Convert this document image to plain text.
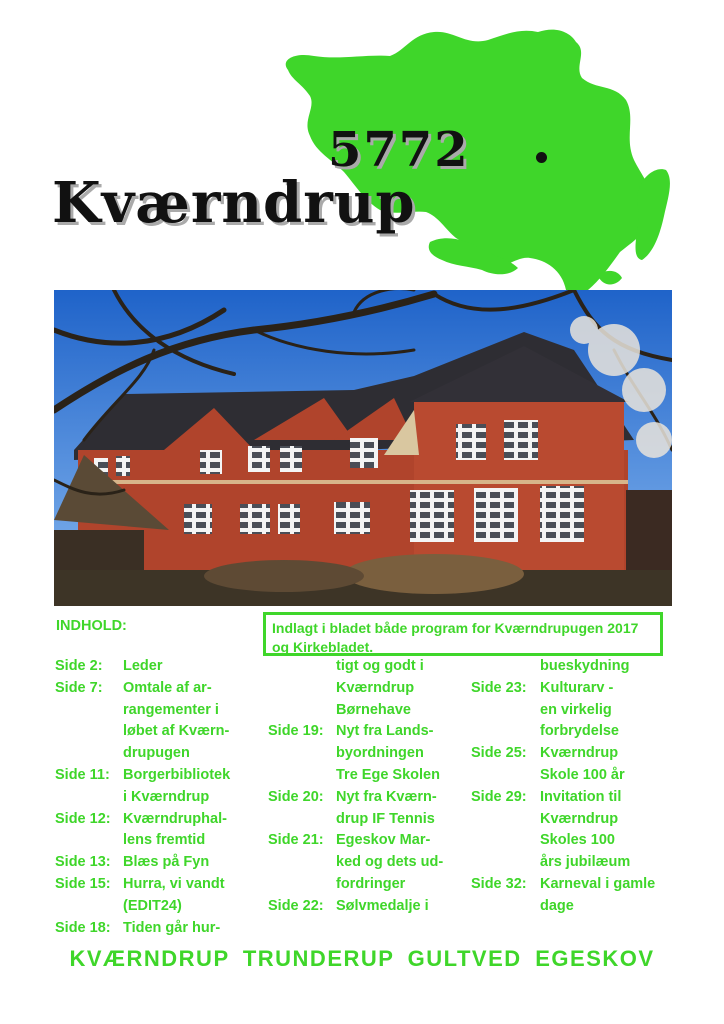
5772
Kværndrup
INDHOLD:	Indlagt i bladet både program for Kværndrupugen 2017 og Kirkebladet.
Side 2: Leder
Side 7: Omtale af ar-
rangementer i
løbet af Kværn-
drupugen
Side 11: Borgerbibliotek
i Kværndrup
Side 12: Kværndruphal-
lens fremtid
Side 13: Blæs på Fyn
Side 15: Hurra, vi vandt
(EDIT24)
Side 18: Tiden går hur-
tigt og godt i
Kværndrup
Børnehave
Side 19: Nyt fra Lands-
byordningen
Tre Ege Skolen
Side 20: Nyt fra Kværn-
drup IF Tennis
Side 21: Egeskov Mar-
ked og dets ud-
fordringer
Side 22: Sølvmedalje i
bueskydning
Side 23: Kulturarv -
en virkelig
forbrydelse
Side 25: Kværndrup
Skole 100 år
Side 29: Invitation til
Kværndrup
Skoles 100
års jubilæum
Side 32: Karneval i gamle
dage
KVÆRNDRUP TRUNDERUP GULTVED EGESKOV
